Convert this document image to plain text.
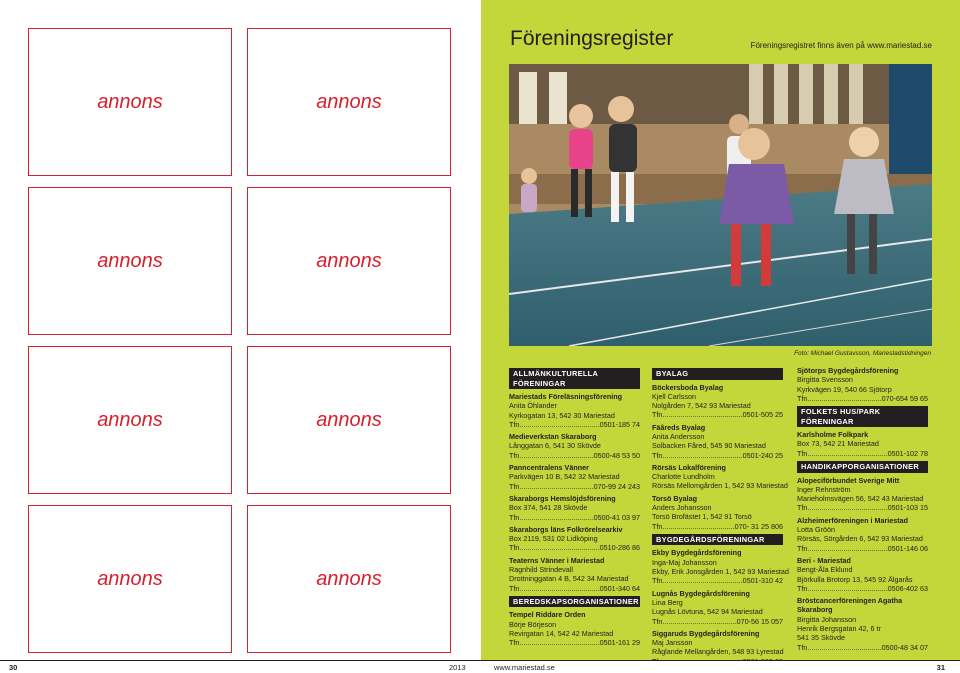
annons	annons
annons	annons
annons	annons
annons	annons
Föreningsregister	Föreningsregistret finns även på www.mariestad.se
Foto: Michael Gustavsson, Mariestadstidningen
ALLMÄNKULTURELLA
FÖRENINGAR
Mariestads Föreläsningsförening
Anita Öhlander
Kyrkogatan 13, 542 30 Mariestad
Tfn .....	0501-185 74
Medieverkstan Skaraborg
Långgatan 6, 541 30 Skövde
Tfn .....	0500-48 53 50
Panncentralens Vänner
Parkvägen 10 B, 542 32 Mariestad
Tfn .....	070-99 24 243
Skaraborgs Hemslöjdsförening
Box 374, 541 28 Skövde
Tfn .....	0500-41 03 97
Skaraborgs läns Folkrörelsearkiv
Box 2119, 531 02 Lidköping
Tfn .....	0510-286 86
Teaterns Vänner i Mariestad
Ragnhild Strindevall
Drottninggatan 4 B, 542 34 Mariestad
Tfn .....	0501-340 64
BEREDSKAPSORGANISATIONER
Tempel Riddare Orden
Börje Börjeson
Revirgatan 14, 542 42 Mariestad
Tfn .....	0501-161 29
BYALAG
Böckersboda Byalag
Kjell Carlsson
Nolgården 7, 542 93 Mariestad
Tfn .....	0501-505 25
Fäâreds Byalag
Anita Andersson
Solbacken Fåred, 545 90 Mariestad
Tfn .....	0501-240 25
Rörsäs Lokalförening
Charlotte Lundholm
Rörsäs Mellomgården 1, 542 93 Mariestad
Torsö Byalag
Anders Johansson
Torsö Brofästet 1, 542 91 Torsö
Tfn .....	070- 31 25 806
BYGDEGÅRDSFÖRENINGAR
Ekby Bygdegårdsförening
Inga-Maj Johansson
Ekby, Erik Jonsgården 1, 542 93 Mariestad
Tfn .....	0501-310 42
Lugnås Bygdegårdsförening
Lina Berg
Lugnås Lövtuna, 542 94 Mariestad
Tfn .....	070-56 15 057
Siggaruds Bygdegårdsförening
Maj Jansson
Råglande Mellangården, 548 93 Lyrestad
.....
Sjötorps Bygdegårdsförening
Birgitta Svensson
Kyrkvägen 19, 540 66 Sjötorp
Tfn .....	070-654 59 65
FOLKETS HUS/PARK FÖRENINGAR
Karlsholme Folkpark
Box 73, 542 21 Mariestad
Tfn .....	0501-102 78
HANDIKAPPORGANISATIONER
Alopeciförbundet Sverige Mitt
Inger Rehnström
Marieholmsvägen 56, 542 43 Mariestad
Tfn .....	0501-103 15
Alzheimerföreningen i Mariestad
Lotta Gröön
Rörsäs, Sörgården 6, 542 93 Mariestad
Tfn .....	0501-146 06
Beri - Mariestad
Bengt-Åla Eklund
Björkulla Brotorp 13, 545 92 Älgarås
Tfn .....	0506-402 63
Bröstcancerföreningen Agatha Skaraborg
Birgitta Johansson
Henrik Bergsgatan 42, 6 tr
541 35 Skövde
Tfn .....	0500-48 34 07
30	2013	www.mariestad.se	31
